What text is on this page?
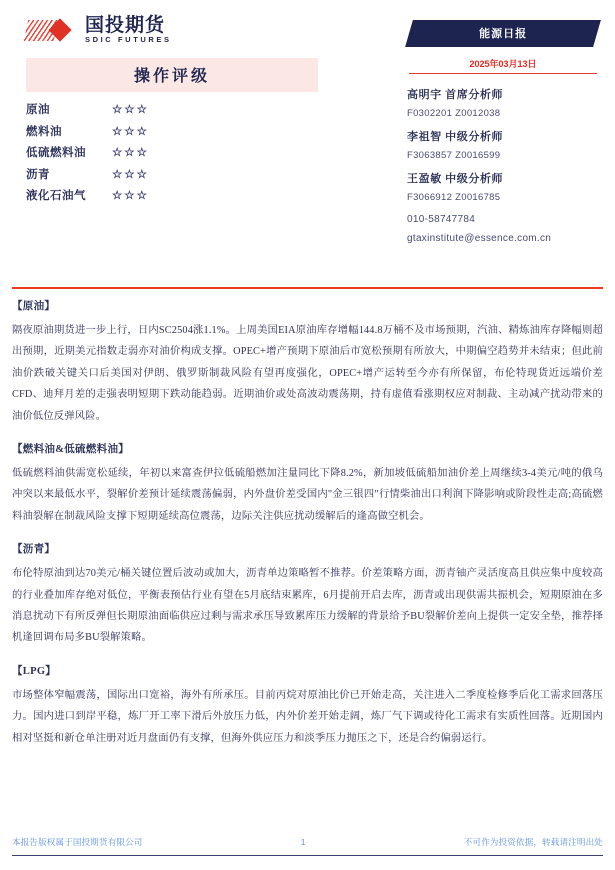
国投期货
SDIC FUTURES	能源日报
2025年03月13日
操作评级
原油	☆☆☆
燃料油	☆☆☆
低硫燃料油	☆☆☆
沥青	☆☆☆
液化石油气	☆☆☆
高明宇 首席分析师
F0302201 Z0012038
李祖智 中级分析师
F3063857 Z0016599
王盈敏 中级分析师
F3066912 Z0016785
010-58747784
gtaxinstitute@essence.com.cn

【原油】

隔夜原油期货进一步上行，日内SC2504涨1.1%。上周美国EIA原油库存增幅144.8万桶不及市场预期，汽油、精炼油库存降幅则超出预期，近期美元指数走弱亦对油价构成支撑。OPEC+增产预期下原油后市宽松预期有所放大，中期偏空趋势并未结束；但此前油价跌破关键关口后美国对伊朗、俄罗斯制裁风险有望再度强化，OPEC+增产运转至今亦有所保留，布伦特现货近远端价差CFD、迪拜月差的走强表明短期下跌动能趋弱。近期油价或处高波动震荡期，持有虚值看涨期权应对制裁、主动减产扰动带来的油价低位反弹风险。

【燃料油&低硫燃料油】

低硫燃料油供需宽松延续，年初以来富查伊拉低硫船燃加注量同比下降8.2%，新加坡低硫船加油价差上周继续3-4美元/吨的俄乌冲突以来最低水平，裂解价差预计延续震荡偏弱，内外盘价差受国内"金三银四"行情柴油出口利润下降影响或阶段性走高;高硫燃料油裂解在制裁风险支撑下短期延续高位震荡，边际关注供应扰动缓解后的逢高做空机会。

【沥青】

布伦特原油到达70美元/桶关键位置后波动或加大，沥青单边策略暂不推荐。价差策略方面，沥青铀产灵活度高且供应集中度较高的行业叠加库存绝对低位，平衡表预估行业有望在5月底结束累库，6月提前开启去库，沥青或出现供需共振机会，短期原油在多消息扰动下有所反弹但长期原油面临供应过剩与需求承压导致累库压力缓解的背景给予BU裂解价差向上提供一定安全垫，推荐择机逢回调布局多BU裂解策略。

【LPG】

市场整体窄幅震荡，国际出口宽裕，海外有所承压。目前丙烷对原油比价已开始走高，关注进入二季度检修季后化工需求回落压力。国内进口到岸平稳，炼厂开工率下滑后外放压力低，内外价差开始走阔，炼厂气下调或待化工需求有实质性回落。近期国内相对坚挺和新仓单注册对近月盘面仍有支撑，但海外供应压力和淡季压力抛压之下，还是合约偏弱运行。

本报告版权属于国投期货有限公司	1	不可作为投资依据，转载请注明出处
